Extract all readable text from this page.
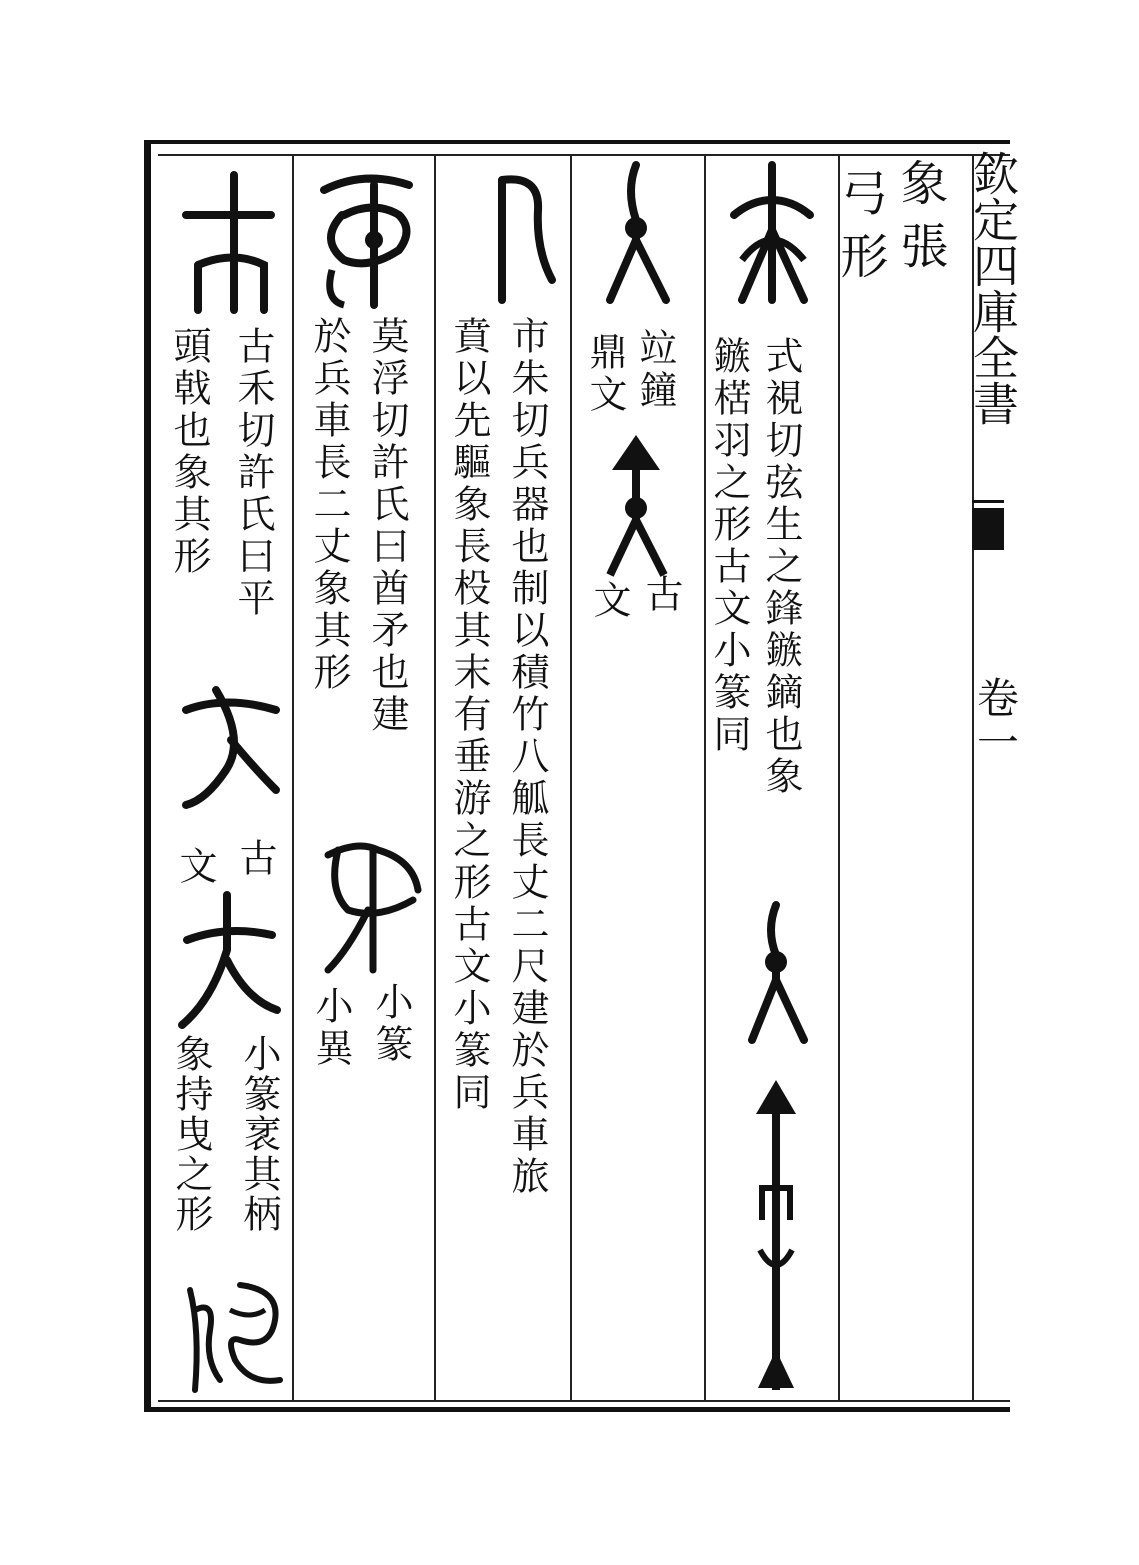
欽定四庫全書
卷一
象張
弓形
式視切弦生之鋒鏃鏑也象
鏃楛羽之形古文小篆同
竝鐘
鼎文
古
文
市朱切兵器也制以積竹八觚長丈二尺建於兵車旅
賁以先驅象長杸其末有垂游之形古文小篆同
莫浮切許氏曰酋矛也建
於兵車長二丈象其形
小篆
小異
古禾切許氏曰平
頭戟也象其形
古
文
小篆衺其柄
象持曳之形
